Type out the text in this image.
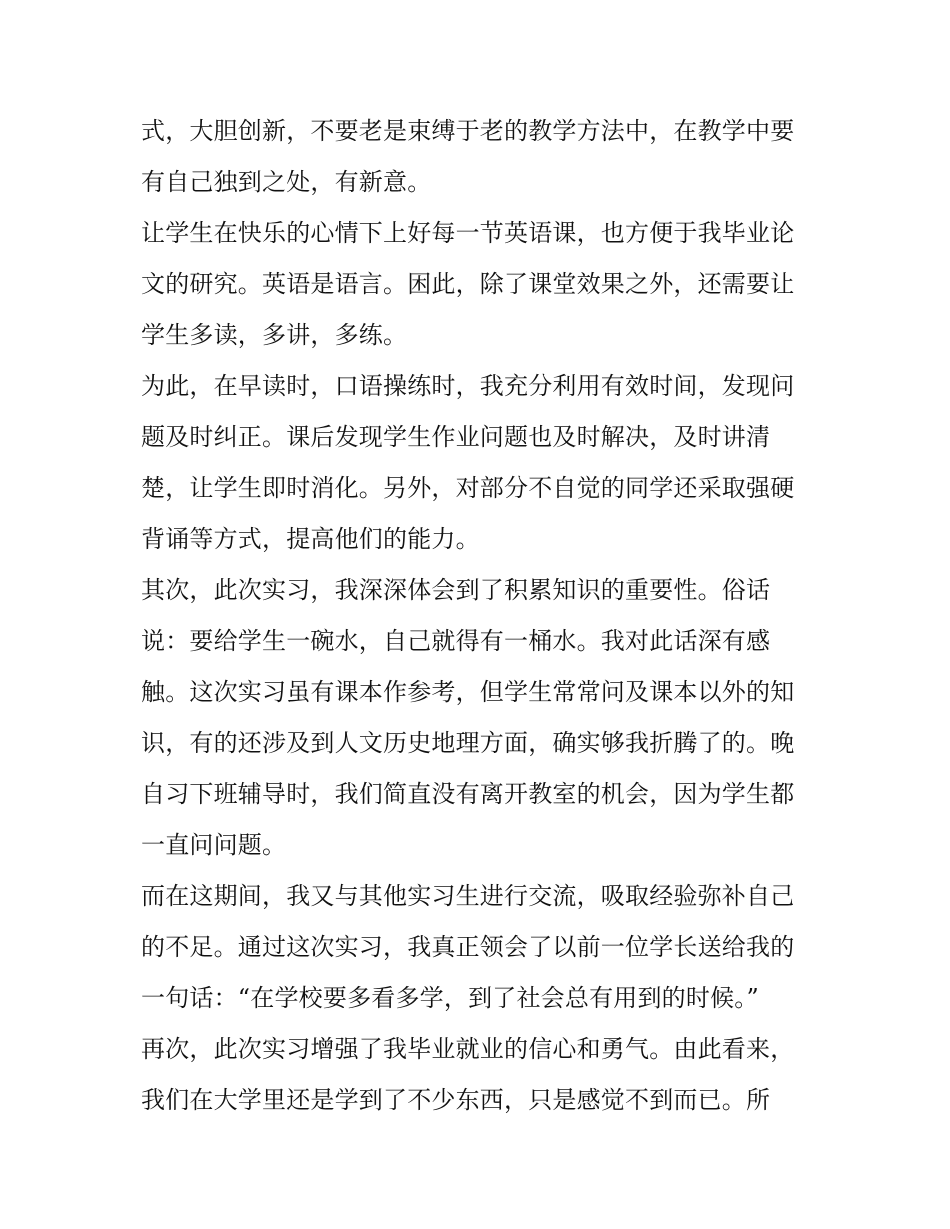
式，大胆创新，不要老是束缚于老的教学方法中，在教学中要
有自己独到之处，有新意。
让学生在快乐的心情下上好每一节英语课，也方便于我毕业论
文的研究。英语是语言。困此，除了课堂效果之外，还需要让
学生多读，多讲，多练。
为此，在早读时，口语操练时，我充分利用有效时间，发现问
题及时纠正。课后发现学生作业问题也及时解决，及时讲清
楚，让学生即时消化。另外，对部分不自觉的同学还采取强硬
背诵等方式，提高他们的能力。
其次，此次实习，我深深体会到了积累知识的重要性。俗话
说：要给学生一碗水，自己就得有一桶水。我对此话深有感
触。这次实习虽有课本作参考，但学生常常问及课本以外的知
识，有的还涉及到人文历史地理方面，确实够我折腾了的。晚
自习下班辅导时，我们简直没有离开教室的机会，因为学生都
一直问问题。
而在这期间，我又与其他实习生进行交流，吸取经验弥补自己
的不足。通过这次实习，我真正领会了以前一位学长送给我的
一句话：“在学校要多看多学，到了社会总有用到的时候。”
再次，此次实习增强了我毕业就业的信心和勇气。由此看来，
我们在大学里还是学到了不少东西，只是感觉不到而已。所
